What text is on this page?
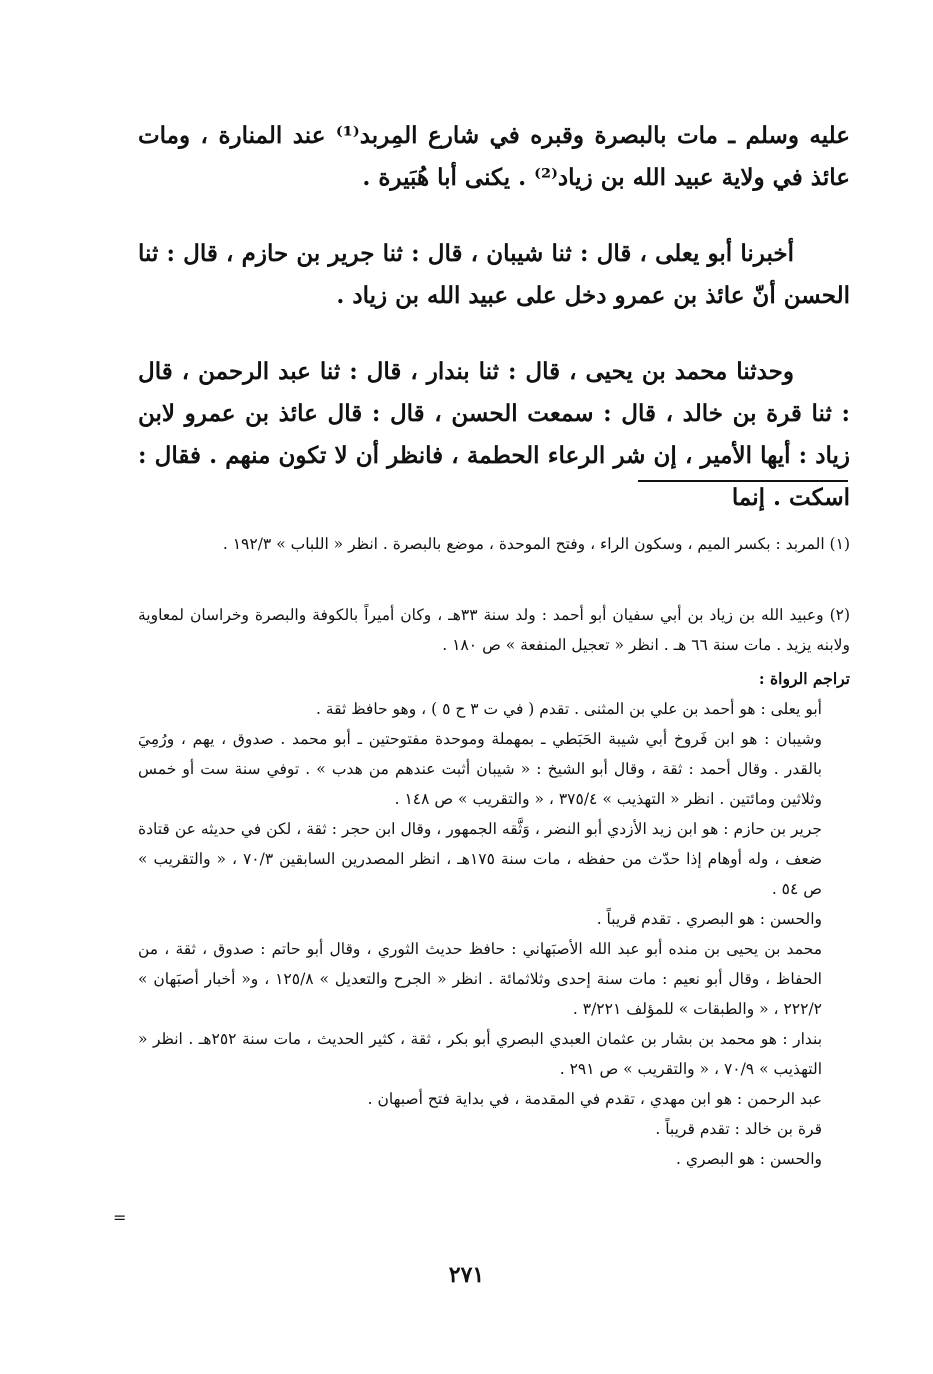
عليه وسلم ـ مات بالبصرة وقبره في شارع المِربد⁽¹⁾ عند المنارة ، ومات عائذ في ولاية عبيد الله بن زياد⁽²⁾ . يكنى أبا هُبَيرة .

أخبرنا أبو يعلى ، قال : ثنا شيبان ، قال : ثنا جرير بن حازم ، قال : ثنا الحسن أنّ عائذ بن عمرو دخل على عبيد الله بن زياد .

وحدثنا محمد بن يحيى ، قال : ثنا بندار ، قال : ثنا عبد الرحمن ، قال : ثنا قرة بن خالد ، قال : سمعت الحسن ، قال : قال عائذ بن عمرو لابن زياد : أيها الأمير ، إن شر الرعاء الحطمة ، فانظر أن لا تكون منهم . فقال : اسكت . إنما

(١) المربد : بكسر الميم ، وسكون الراء ، وفتح الموحدة ، موضع بالبصرة . انظر « اللباب » ١٩٢/٣ .

(٢) وعبيد الله بن زياد بن أبي سفيان أبو أحمد : ولد سنة ٣٣هـ ، وكان أميراً بالكوفة والبصرة وخراسان لمعاوية ولابنه يزيد . مات سنة ٦٦ هـ . انظر « تعجيل المنفعة » ص ١٨٠ .

تراجم الرواة :

أبو يعلى : هو أحمد بن علي بن المثنى . تقدم ( في ت ٣ ح ٥ ) ، وهو حافظ ثقة .

وشيبان : هو ابن فَروخ أبي شيبة الحَبَطي ـ بمهملة وموحدة مفتوحتين ـ أبو محمد . صدوق ، يهم ، ورُمِيَ بالقدر . وقال أحمد : ثقة ، وقال أبو الشيخ : « شيبان أثبت عندهم من هدب » . توفي سنة ست أو خمس وثلاثين ومائتين . انظر « التهذيب » ٣٧٥/٤ ، « والتقريب » ص ١٤٨ .

جرير بن حازم : هو ابن زيد الأزدي أبو النضر ، وَثَّقه الجمهور ، وقال ابن حجر : ثقة ، لكن في حديثه عن قتادة ضعف ، وله أوهام إذا حدّث من حفظه ، مات سنة ١٧٥هـ ، انظر المصدرين السابقين ٧٠/٣ ، « والتقريب » ص ٥٤ .

والحسن : هو البصري . تقدم قريباً .

محمد بن يحيى بن منده أبو عبد الله الأصبَهاني : حافظ حديث الثوري ، وقال أبو حاتم : صدوق ، ثقة ، من الحفاظ ، وقال أبو نعيم : مات سنة إحدى وثلاثمائة . انظر « الجرح والتعديل » ١٢٥/٨ ، و« أخبار أصبَهان » ٢٢٢/٢ ، « والطبقات » للمؤلف ٣/٢٢١ .

بندار : هو محمد بن بشار بن عثمان العبدي البصري أبو بكر ، ثقة ، كثير الحديث ، مات سنة ٢٥٢هـ . انظر « التهذيب » ٧٠/٩ ، « والتقريب » ص ٢٩١ .

عبد الرحمن : هو ابن مهدي ، تقدم في المقدمة ، في بداية فتح أصبهان .

قرة بن خالد : تقدم قريباً .

والحسن : هو البصري .

=
٢٧١
